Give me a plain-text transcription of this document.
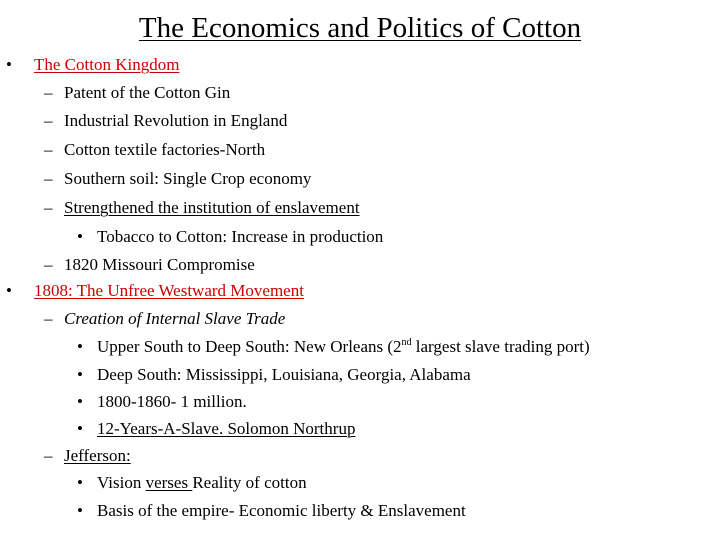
The Economics and Politics of Cotton
• The Cotton Kingdom
– Patent of the Cotton Gin
– Industrial Revolution in England
– Cotton textile factories-North
– Southern soil: Single Crop economy
– Strengthened the institution of enslavement
• Tobacco to Cotton: Increase in production
– 1820 Missouri Compromise
• 1808: The Unfree Westward Movement
– Creation of Internal Slave Trade
• Upper South to Deep South: New Orleans (2nd largest slave trading port)
• Deep South: Mississippi, Louisiana, Georgia, Alabama
• 1800-1860- 1 million.
• 12-Years-A-Slave. Solomon Northrup
– Jefferson:
• Vision verses Reality of cotton
• Basis of the empire- Economic liberty & Enslavement
